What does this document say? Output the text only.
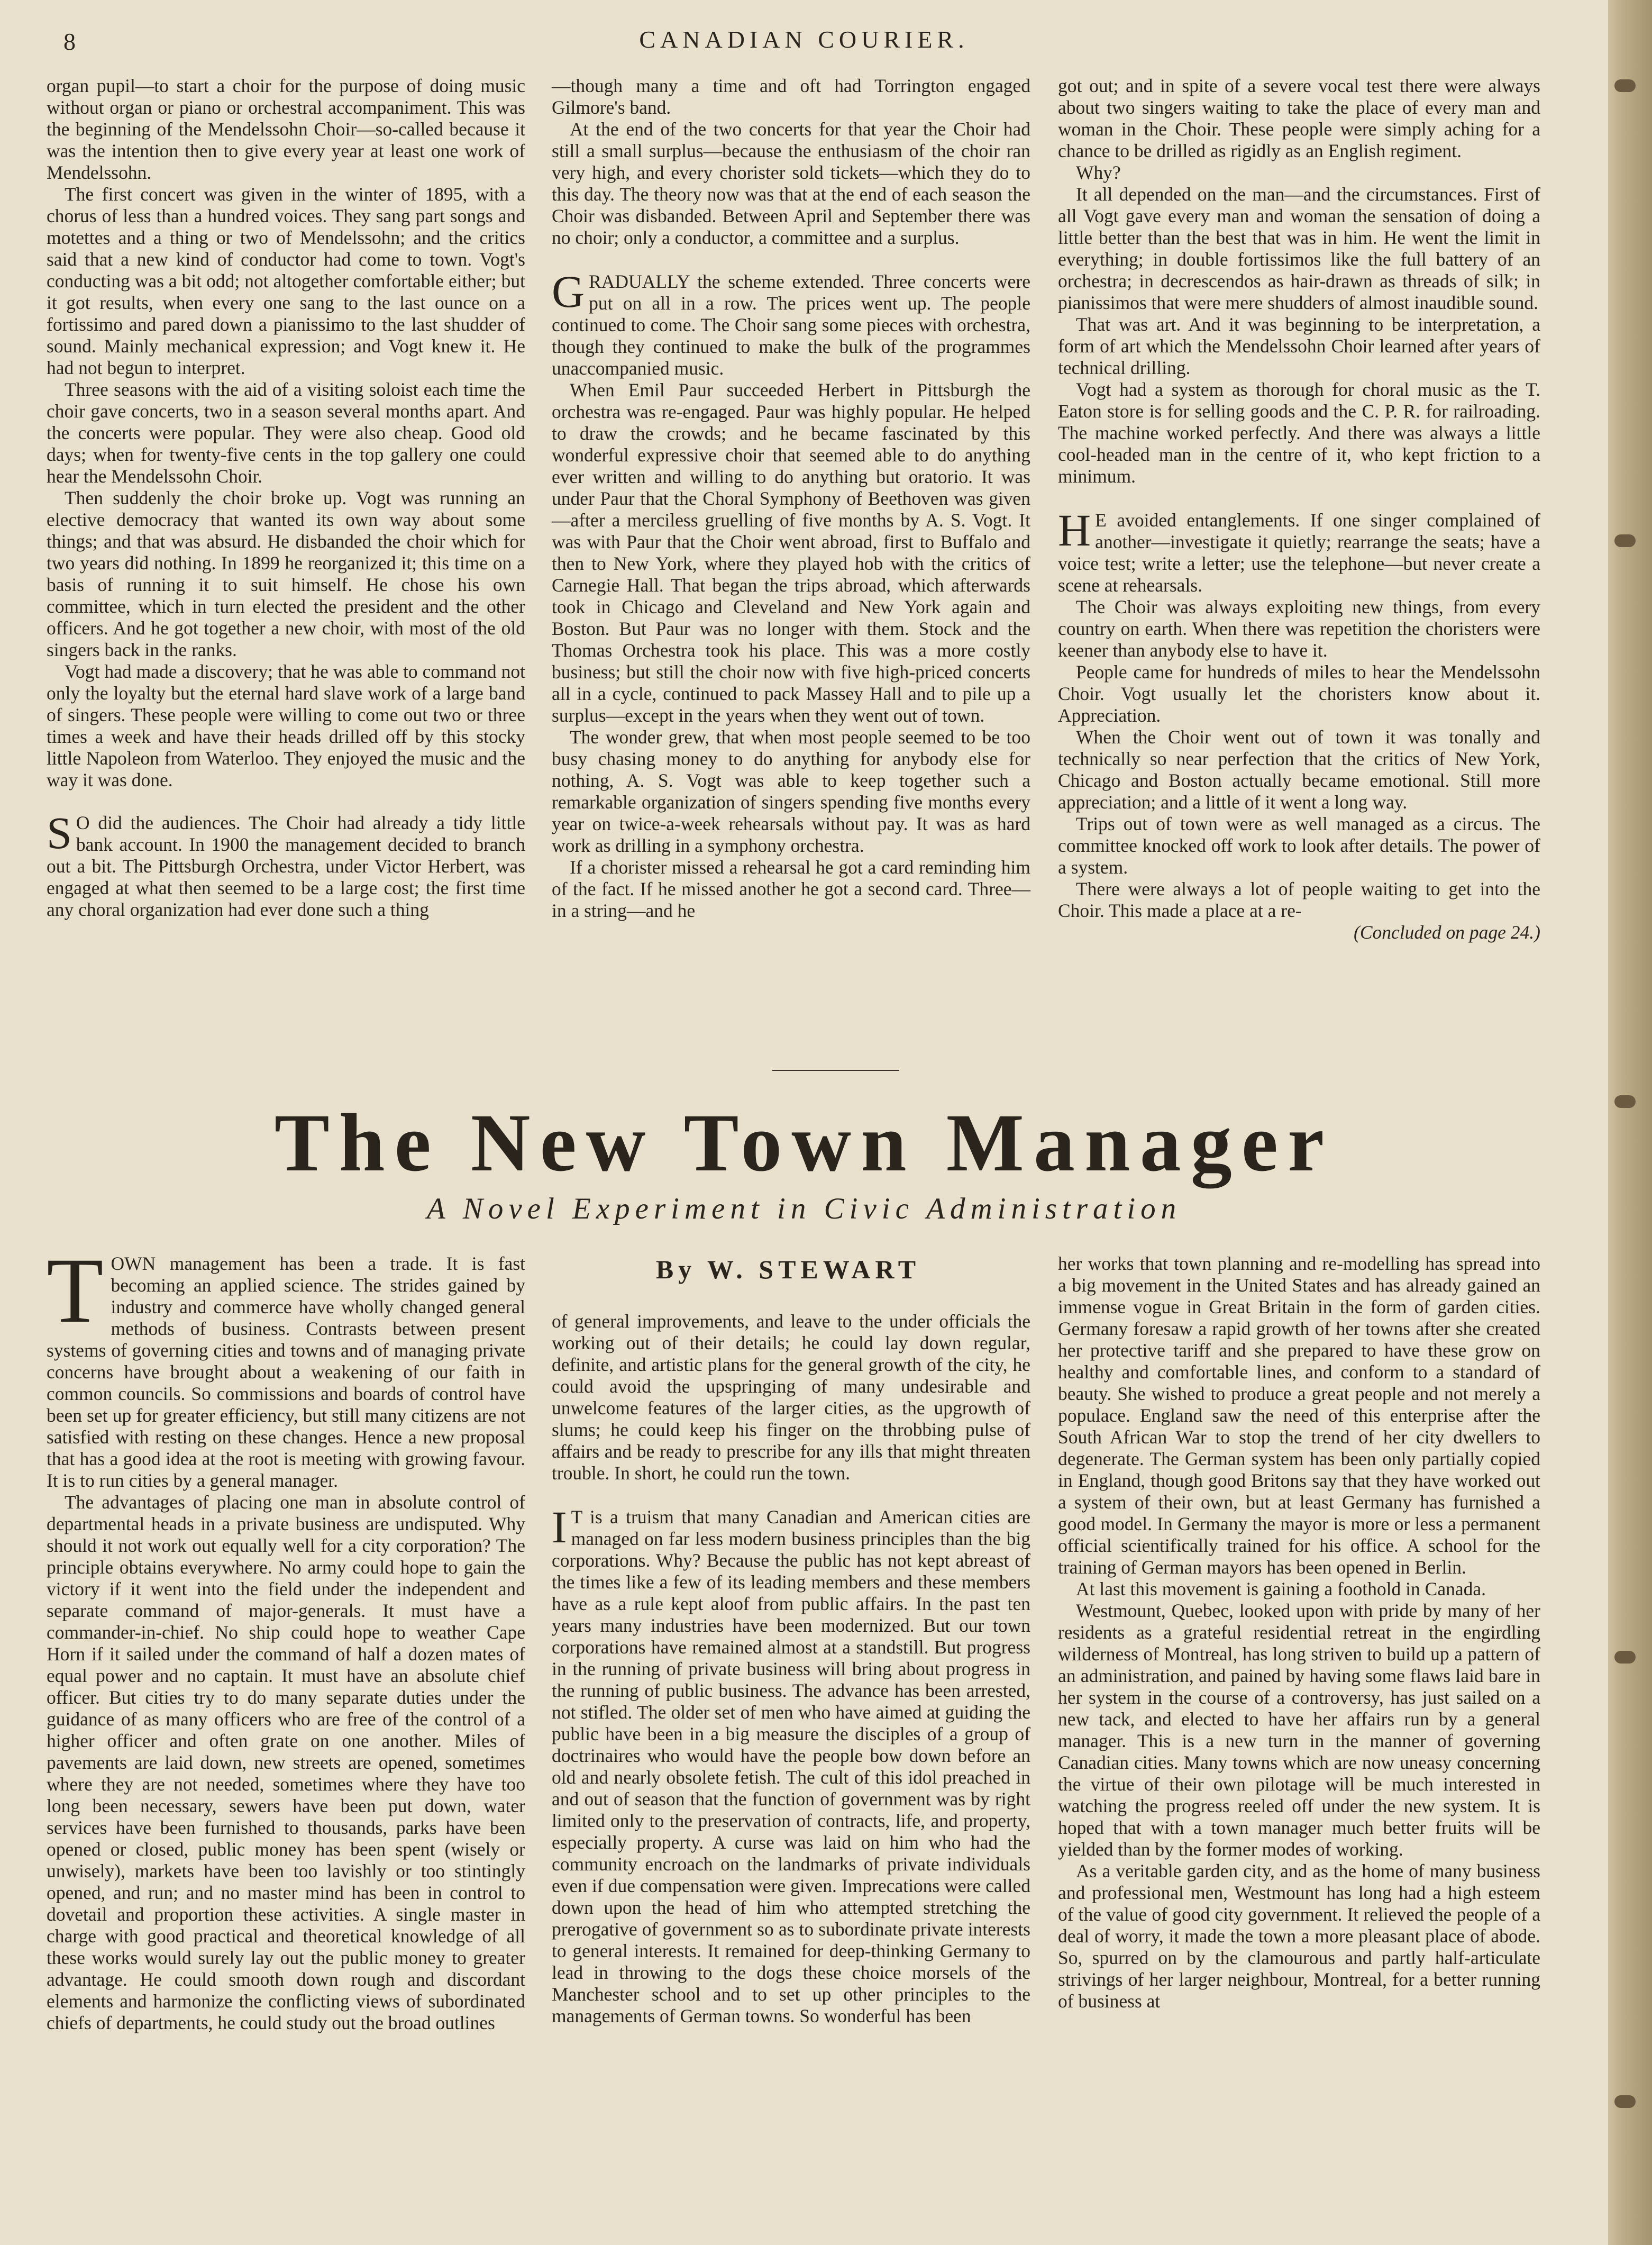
8	CANADIAN COURIER.

organ pupil—to start a choir for the purpose of doing music without organ or piano or orchestral accompaniment. This was the beginning of the Mendelssohn Choir—so-called because it was the intention then to give every year at least one work of Mendelssohn.

The first concert was given in the winter of 1895, with a chorus of less than a hundred voices. They sang part songs and motettes and a thing or two of Mendelssohn; and the critics said that a new kind of conductor had come to town. Vogt's conducting was a bit odd; not altogether comfortable either; but it got results, when every one sang to the last ounce on a fortissimo and pared down a pianissimo to the last shudder of sound. Mainly mechanical expression; and Vogt knew it. He had not begun to interpret.

Three seasons with the aid of a visiting soloist each time the choir gave concerts, two in a season several months apart. And the concerts were popular. They were also cheap. Good old days; when for twenty-five cents in the top gallery one could hear the Mendelssohn Choir.

Then suddenly the choir broke up. Vogt was running an elective democracy that wanted its own way about some things; and that was absurd. He disbanded the choir which for two years did nothing. In 1899 he reorganized it; this time on a basis of running it to suit himself. He chose his own committee, which in turn elected the president and the other officers. And he got together a new choir, with most of the old singers back in the ranks.

Vogt had made a discovery; that he was able to command not only the loyalty but the eternal hard slave work of a large band of singers. These people were willing to come out two or three times a week and have their heads drilled off by this stocky little Napoleon from Waterloo. They enjoyed the music and the way it was done.

S O did the audiences. The Choir had already a tidy little bank account. In 1900 the management decided to branch out a bit. The Pittsburgh Orchestra, under Victor Herbert, was engaged at what then seemed to be a large cost; the first time any choral organization had ever done such a thing

—though many a time and oft had Torrington engaged Gilmore's band.

At the end of the two concerts for that year the Choir had still a small surplus—because the enthusiasm of the choir ran very high, and every chorister sold tickets—which they do to this day. The theory now was that at the end of each season the Choir was disbanded. Between April and September there was no choir; only a conductor, a committee and a surplus.

GRADUALLY the scheme extended. Three concerts were put on all in a row. The prices went up. The people continued to come. The Choir sang some pieces with orchestra, though they continued to make the bulk of the programmes unaccompanied music.

When Emil Paur succeeded Herbert in Pittsburgh the orchestra was re-engaged. Paur was highly popular. He helped to draw the crowds; and he became fascinated by this wonderful expressive choir that seemed able to do anything ever written and willing to do anything but oratorio. It was under Paur that the Choral Symphony of Beethoven was given—after a merciless gruelling of five months by A. S. Vogt. It was with Paur that the Choir went abroad, first to Buffalo and then to New York, where they played hob with the critics of Carnegie Hall. That began the trips abroad, which afterwards took in Chicago and Cleveland and New York again and Boston. But Paur was no longer with them. Stock and the Thomas Orchestra took his place. This was a more costly business; but still the choir now with five high-priced concerts all in a cycle, continued to pack Massey Hall and to pile up a surplus—except in the years when they went out of town.

The wonder grew, that when most people seemed to be too busy chasing money to do anything for anybody else for nothing, A. S. Vogt was able to keep together such a remarkable organization of singers spending five months every year on twice-a-week rehearsals without pay. It was as hard work as drilling in a symphony orchestra.

If a chorister missed a rehearsal he got a card reminding him of the fact. If he missed another he got a second card. Three—in a string—and he

got out; and in spite of a severe vocal test there were always about two singers waiting to take the place of every man and woman in the Choir. These people were simply aching for a chance to be drilled as rigidly as an English regiment.

Why?

It all depended on the man—and the circumstances. First of all Vogt gave every man and woman the sensation of doing a little better than the best that was in him. He went the limit in everything; in double fortissimos like the full battery of an orchestra; in decrescendos as hair-drawn as threads of silk; in pianissimos that were mere shudders of almost inaudible sound.

That was art. And it was beginning to be interpretation, a form of art which the Mendelssohn Choir learned after years of technical drilling.

Vogt had a system as thorough for choral music as the T. Eaton store is for selling goods and the C. P. R. for railroading. The machine worked perfectly. And there was always a little cool-headed man in the centre of it, who kept friction to a minimum.

H E avoided entanglements. If one singer complained of another—investigate it quietly; rearrange the seats; have a voice test; write a letter; use the telephone—but never create a scene at rehearsals.

The Choir was always exploiting new things, from every country on earth. When there was repetition the choristers were keener than anybody else to have it.

People came for hundreds of miles to hear the Mendelssohn Choir. Vogt usually let the choristers know about it. Appreciation.

When the Choir went out of town it was tonally and technically so near perfection that the critics of New York, Chicago and Boston actually became emotional. Still more appreciation; and a little of it went a long way.

Trips out of town were as well managed as a circus. The committee knocked off work to look after details. The power of a system.

There were always a lot of people waiting to get into the Choir. This made a place at a re-

(Concluded on page 24.)
The New Town Manager
A Novel Experiment in Civic Administration
By W. STEWART

TOWN management has been a trade. It is fast becoming an applied science. The strides gained by industry and commerce have wholly changed general methods of business. Contrasts between present systems of governing cities and towns and of managing private concerns have brought about a weakening of our faith in common councils. So commissions and boards of control have been set up for greater efficiency, but still many citizens are not satisfied with resting on these changes. Hence a new proposal that has a good idea at the root is meeting with growing favour. It is to run cities by a general manager.

The advantages of placing one man in absolute control of departmental heads in a private business are undisputed. Why should it not work out equally well for a city corporation? The principle obtains everywhere. No army could hope to gain the victory if it went into the field under the independent and separate command of major-generals. It must have a commander-in-chief. No ship could hope to weather Cape Horn if it sailed under the command of half a dozen mates of equal power and no captain. It must have an absolute chief officer. But cities try to do many separate duties under the guidance of as many officers who are free of the control of a higher officer and often grate on one another. Miles of pavements are laid down, new streets are opened, sometimes where they are not needed, sometimes where they have too long been necessary, sewers have been put down, water services have been furnished to thousands, parks have been opened or closed, public money has been spent (wisely or unwisely), markets have been too lavishly or too stintingly opened, and run; and no master mind has been in control to dovetail and proportion these activities. A single master in charge with good practical and theoretical knowledge of all these works would surely lay out the public money to greater advantage. He could smooth down rough and discordant elements and harmonize the conflicting views of subordinated chiefs of departments, he could study out the broad outlines

of general improvements, and leave to the under officials the working out of their details; he could lay down regular, definite, and artistic plans for the general growth of the city, he could avoid the upspringing of many undesirable and unwelcome features of the larger cities, as the upgrowth of slums; he could keep his finger on the throbbing pulse of affairs and be ready to prescribe for any ills that might threaten trouble. In short, he could run the town.

I T is a truism that many Canadian and American cities are managed on far less modern business principles than the big corporations. Why? Because the public has not kept abreast of the times like a few of its leading members and these members have as a rule kept aloof from public affairs. In the past ten years many industries have been modernized. But our town corporations have remained almost at a standstill. But progress in the running of private business will bring about progress in the running of public business. The advance has been arrested, not stifled. The older set of men who have aimed at guiding the public have been in a big measure the disciples of a group of doctrinaires who would have the people bow down before an old and nearly obsolete fetish. The cult of this idol preached in and out of season that the function of government was by right limited only to the preservation of contracts, life, and property, especially property. A curse was laid on him who had the community encroach on the landmarks of private individuals even if due compensation were given. Imprecations were called down upon the head of him who attempted stretching the prerogative of government so as to subordinate private interests to general interests. It remained for deep-thinking Germany to lead in throwing to the dogs these choice morsels of the Manchester school and to set up other principles to the managements of German towns. So wonderful has been

her works that town planning and re-modelling has spread into a big movement in the United States and has already gained an immense vogue in Great Britain in the form of garden cities. Germany foresaw a rapid growth of her towns after she created her protective tariff and she prepared to have these grow on healthy and comfortable lines, and conform to a standard of beauty. She wished to produce a great people and not merely a populace. England saw the need of this enterprise after the South African War to stop the trend of her city dwellers to degenerate. The German system has been only partially copied in England, though good Britons say that they have worked out a system of their own, but at least Germany has furnished a good model. In Germany the mayor is more or less a permanent official scientifically trained for his office. A school for the training of German mayors has been opened in Berlin.

At last this movement is gaining a foothold in Canada.

Westmount, Quebec, looked upon with pride by many of her residents as a grateful residential retreat in the engirdling wilderness of Montreal, has long striven to build up a pattern of an administration, and pained by having some flaws laid bare in her system in the course of a controversy, has just sailed on a new tack, and elected to have her affairs run by a general manager. This is a new turn in the manner of governing Canadian cities. Many towns which are now uneasy concerning the virtue of their own pilotage will be much interested in watching the progress reeled off under the new system. It is hoped that with a town manager much better fruits will be yielded than by the former modes of working.

As a veritable garden city, and as the home of many business and professional men, Westmount has long had a high esteem of the value of good city government. It relieved the people of a deal of worry, it made the town a more pleasant place of abode. So, spurred on by the clamourous and partly half-articulate strivings of her larger neighbour, Montreal, for a better running of business at
